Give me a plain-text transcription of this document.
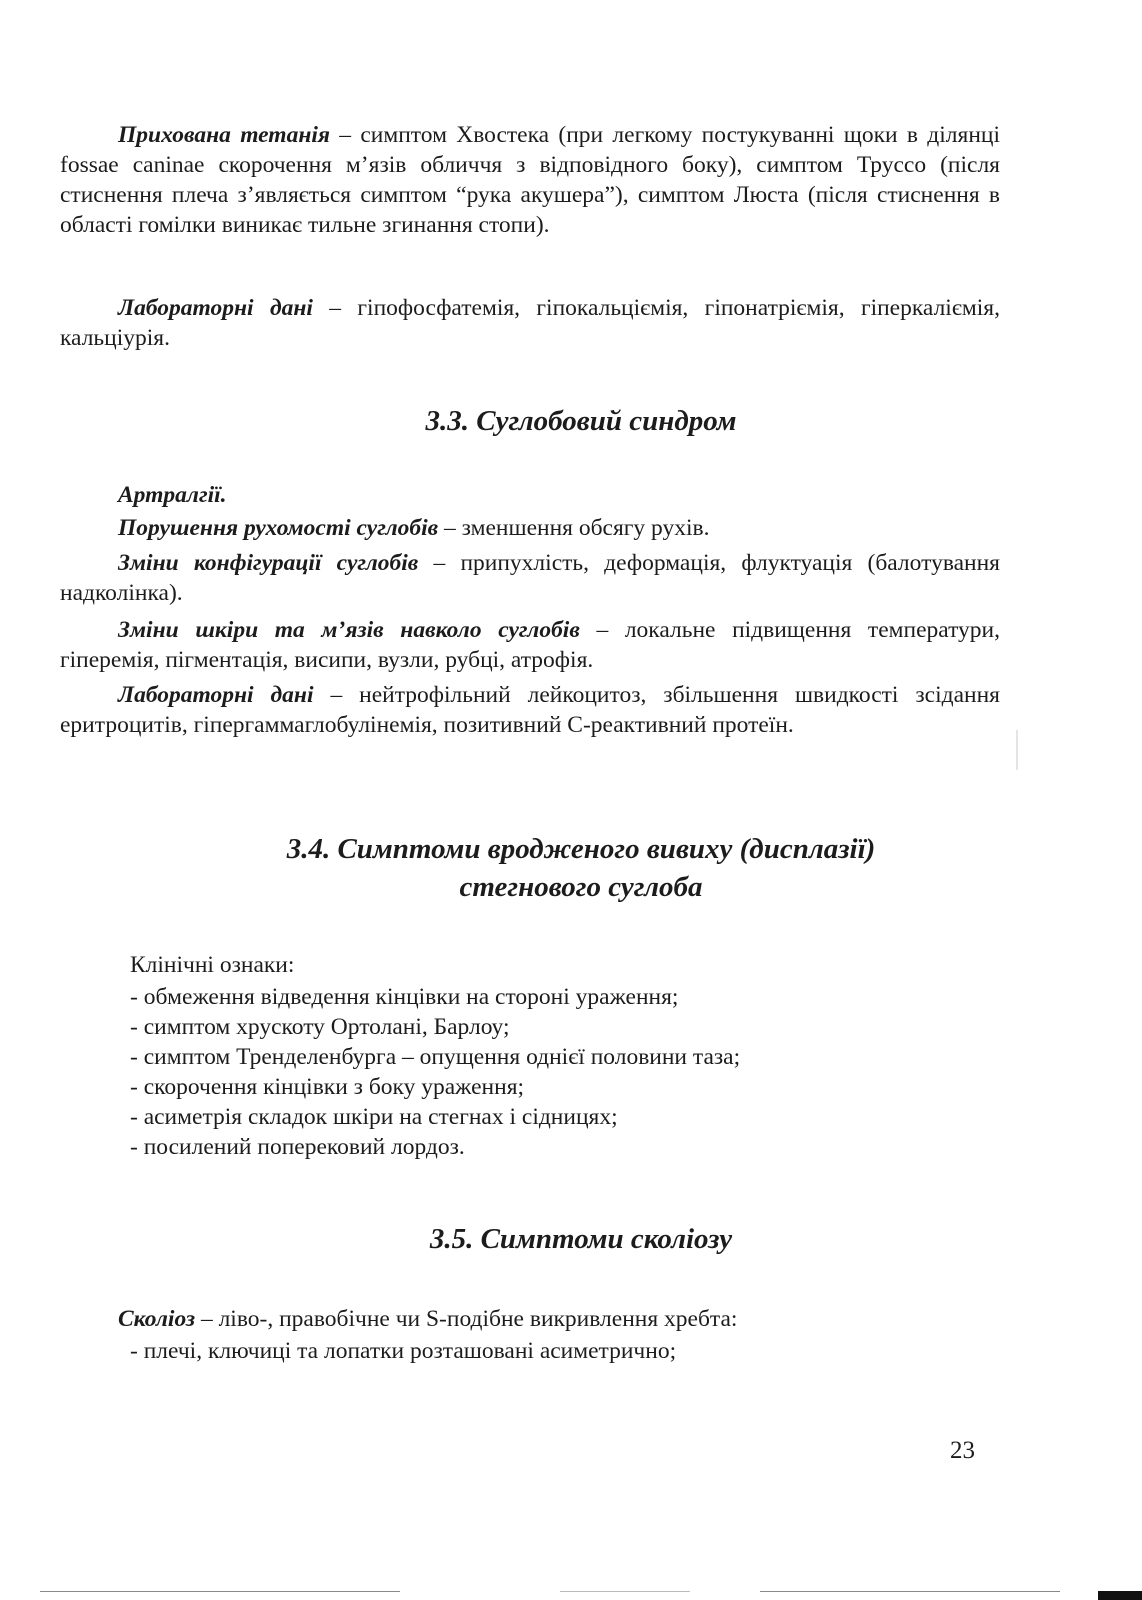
Прихована тетанія – симптом Хвостека (при легкому постукуванні щоки в ділянці fossae caninae скорочення м’язів обличчя з відповідного боку), симптом Труссо (після стиснення плеча з’являється симптом “рука акушера”), симптом Люста (після стиснення в області гомілки виникає тильне згинання стопи).

Лабораторні дані – гіпофосфатемія, гіпокальціємія, гіпонатріємія, гіперкаліємія, кальціурія.

3.3. Суглобовий синдром

Артралгії.

Порушення рухомості суглобів – зменшення обсягу рухів.

Зміни конфігурації суглобів – припухлість, деформація, флуктуація (балотування надколінка).

Зміни шкіри та м’язів навколо суглобів – локальне підвищення температури, гіперемія, пігментація, висипи, вузли, рубці, атрофія.

Лабораторні дані – нейтрофільний лейкоцитоз, збільшення швидкості зсідання еритроцитів, гіпергаммаглобулінемія, позитивний С-реактивний протеїн.

3.4. Симптоми вродженого вивиху (дисплазії)
стегнового суглоба

Клінічні ознаки:

- обмеження відведення кінцівки на стороні ураження;
- симптом хрускоту Ортолані, Барлоу;
- симптом Тренделенбурга – опущення однієї половини таза;
- скорочення кінцівки з боку ураження;
- асиметрія складок шкіри на стегнах і сідницях;
- посилений поперековий лордоз.
3.5. Симптоми сколіозу

Сколіоз – ліво-, правобічне чи S-подібне викривлення хребта:

- плечі, ключиці та лопатки розташовані асиметрично;
23
